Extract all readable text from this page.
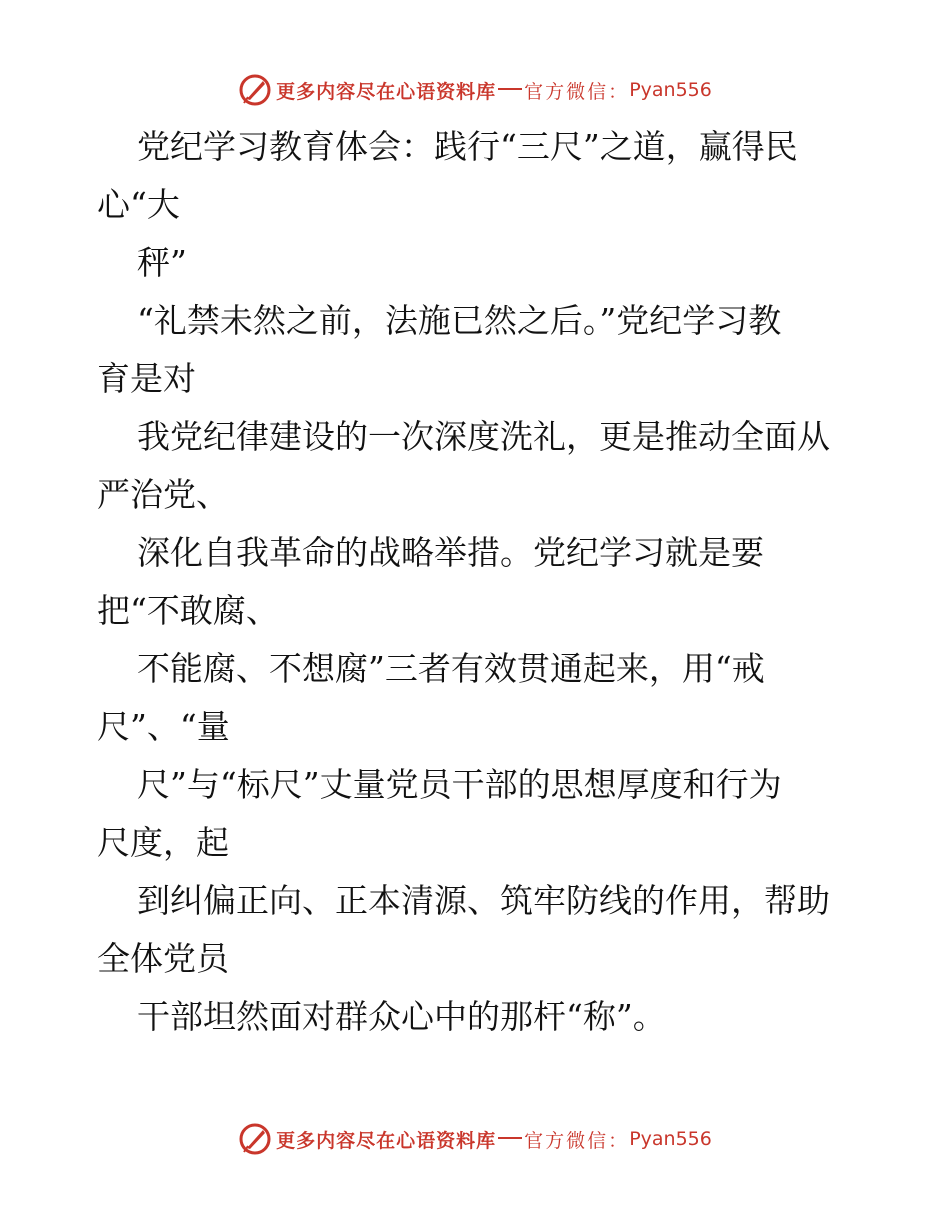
更多内容尽在心语资料库 官方微信： Pyan556

党纪学习教育体会：践行“三尺”之道，赢得民

心“大

秤”

“礼禁未然之前，法施已然之后。”党纪学习教

育是对

我党纪律建设的一次深度洗礼，更是推动全面从

严治党、

深化自我革命的战略举措。党纪学习就是要

把“不敢腐、

不能腐、不想腐”三者有效贯通起来，用“戒

尺”、“量

尺”与“标尺”丈量党员干部的思想厚度和行为

尺度，起

到纠偏正向、正本清源、筑牢防线的作用，帮助

全体党员

干部坦然面对群众心中的那杆“称”。

更多内容尽在心语资料库 官方微信： Pyan556
